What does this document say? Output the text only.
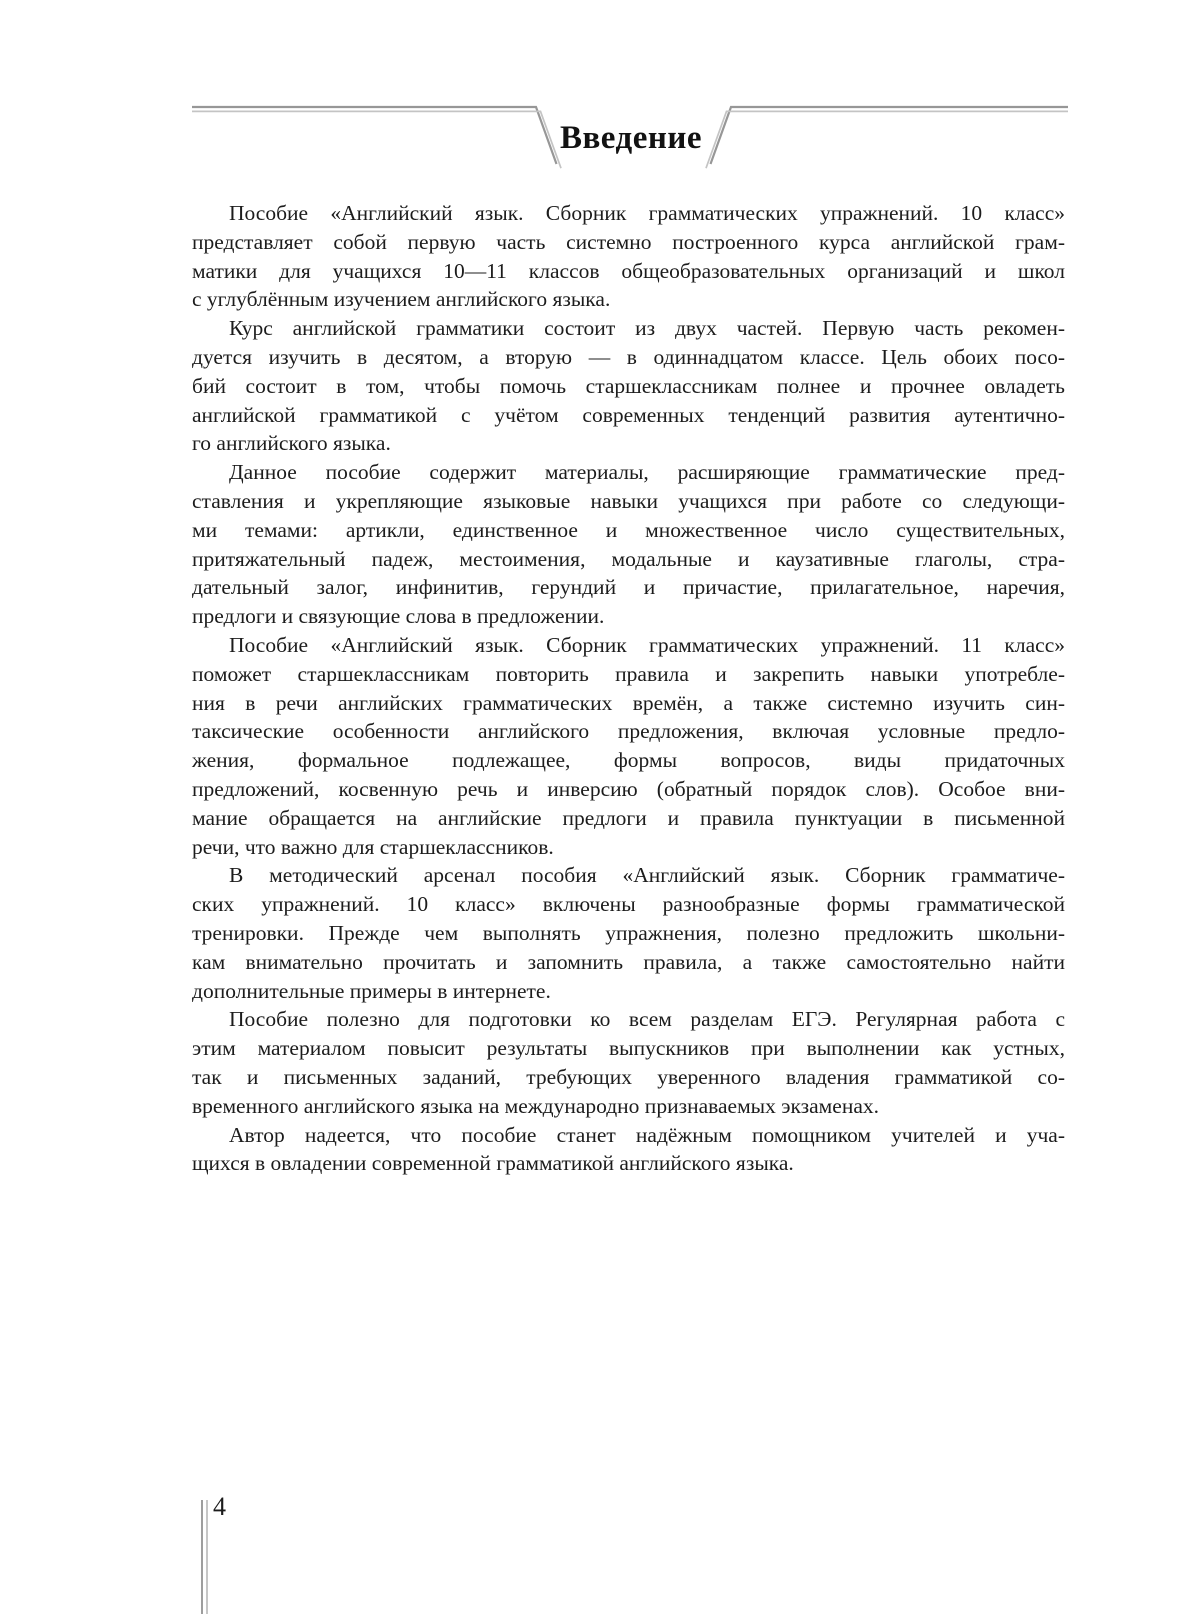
Введение
Пособие «Английский язык. Сборник грамматических упражнений. 10 класс»
представляет собой первую часть системно построенного курса английской грам-
матики для учащихся 10—11 классов общеобразовательных организаций и школ
с углублённым изучением английского языка.
Курс английской грамматики состоит из двух частей. Первую часть рекомен-
дуется изучить в десятом, а вторую — в одиннадцатом классе. Цель обоих посо-
бий состоит в том, чтобы помочь старшеклассникам полнее и прочнее овладеть
английской грамматикой с учётом современных тенденций развития аутентично-
го английского языка.
Данное пособие содержит материалы, расширяющие грамматические пред-
ставления и укрепляющие языковые навыки учащихся при работе со следующи-
ми темами: артикли, единственное и множественное число существительных,
притяжательный падеж, местоимения, модальные и каузативные глаголы, стра-
дательный залог, инфинитив, герундий и причастие, прилагательное, наречия,
предлоги и связующие слова в предложении.
Пособие «Английский язык. Сборник грамматических упражнений. 11 класс»
поможет старшеклассникам повторить правила и закрепить навыки употребле-
ния в речи английских грамматических времён, а также системно изучить син-
таксические особенности английского предложения, включая условные предло-
жения, формальное подлежащее, формы вопросов, виды придаточных
предложений, косвенную речь и инверсию (обратный порядок слов). Особое вни-
мание обращается на английские предлоги и правила пунктуации в письменной
речи, что важно для старшеклассников.
В методический арсенал пособия «Английский язык. Сборник грамматиче-
ских упражнений. 10 класс» включены разнообразные формы грамматической
тренировки. Прежде чем выполнять упражнения, полезно предложить школьни-
кам внимательно прочитать и запомнить правила, а также самостоятельно найти
дополнительные примеры в интернете.
Пособие полезно для подготовки ко всем разделам ЕГЭ. Регулярная работа с
этим материалом повысит результаты выпускников при выполнении как устных,
так и письменных заданий, требующих уверенного владения грамматикой со-
временного английского языка на международно признаваемых экзаменах.
Автор надеется, что пособие станет надёжным помощником учителей и уча-
щихся в овладении современной грамматикой английского языка.
4
